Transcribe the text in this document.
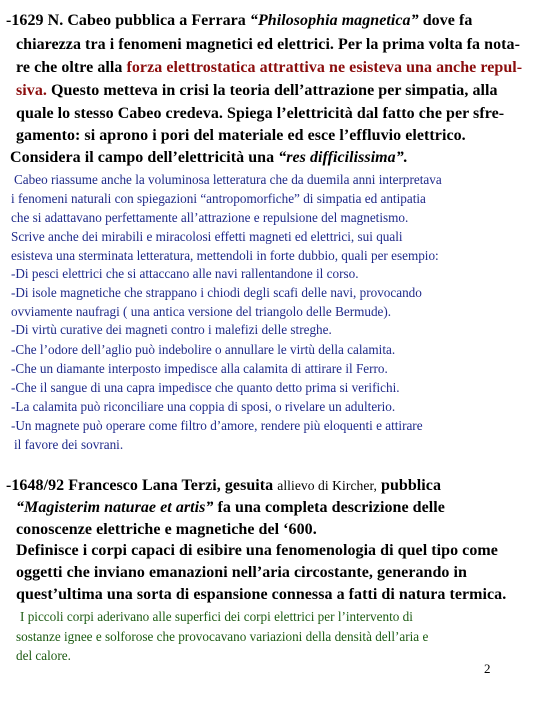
-1629 N. Cabeo pubblica a Ferrara “Philosophia magnetica” dove fa
chiarezza tra i fenomeni magnetici ed elettrici. Per la prima volta fa nota-
re che oltre alla forza elettrostatica attrattiva ne esisteva una anche repul-
siva. Questo metteva in crisi la teoria dell’attrazione per simpatia, alla
quale lo stesso Cabeo credeva. Spiega l’elettricità dal fatto che per sfre-
gamento: si aprono i pori del materiale ed esce l’effluvio elettrico.
Considera il campo dell’elettricità una “res difficilissima”.
Cabeo riassume anche la voluminosa letteratura che da duemila anni interpretava
i fenomeni naturali con spiegazioni “antropomorfiche” di simpatia ed antipatia
che si adattavano perfettamente all’attrazione e repulsione del magnetismo.
Scrive anche dei mirabili e miracolosi effetti magneti ed elettrici, sui quali
esisteva una sterminata letteratura, mettendoli in forte dubbio, quali per esempio:
-Di pesci elettrici che si attaccano alle navi rallentandone il corso.
-Di isole magnetiche che strappano i chiodi degli scafi delle navi, provocando
ovviamente naufragi ( una antica versione del triangolo delle Bermude).
-Di virtù curative dei magneti contro i malefizi delle streghe.
-Che l’odore dell’aglio può indebolire o annullare le virtù della calamita.
-Che un diamante interposto impedisce alla calamita di attirare il Ferro.
-Che il sangue di una capra impedisce che quanto detto prima si verifichi.
-La calamita può riconciliare una coppia di sposi, o rivelare un adulterio.
-Un magnete può operare come filtro d’amore, rendere più eloquenti e attirare
il favore dei sovrani.
-1648/92 Francesco Lana Terzi, gesuita allievo di Kircher, pubblica
“Magisterim naturae et artis” fa una completa descrizione delle
conoscenze elettriche e magnetiche del ‘600.
Definisce i corpi capaci di esibire una fenomenologia di quel tipo come
oggetti che inviano emanazioni nell’aria circostante, generando in
quest’ultima una sorta di espansione connessa a fatti di natura termica.
I piccoli corpi aderivano alle superfici dei corpi elettrici per l’intervento di
sostanze ignee e solforose che provocavano variazioni della densità dell’aria e
del calore.
2
